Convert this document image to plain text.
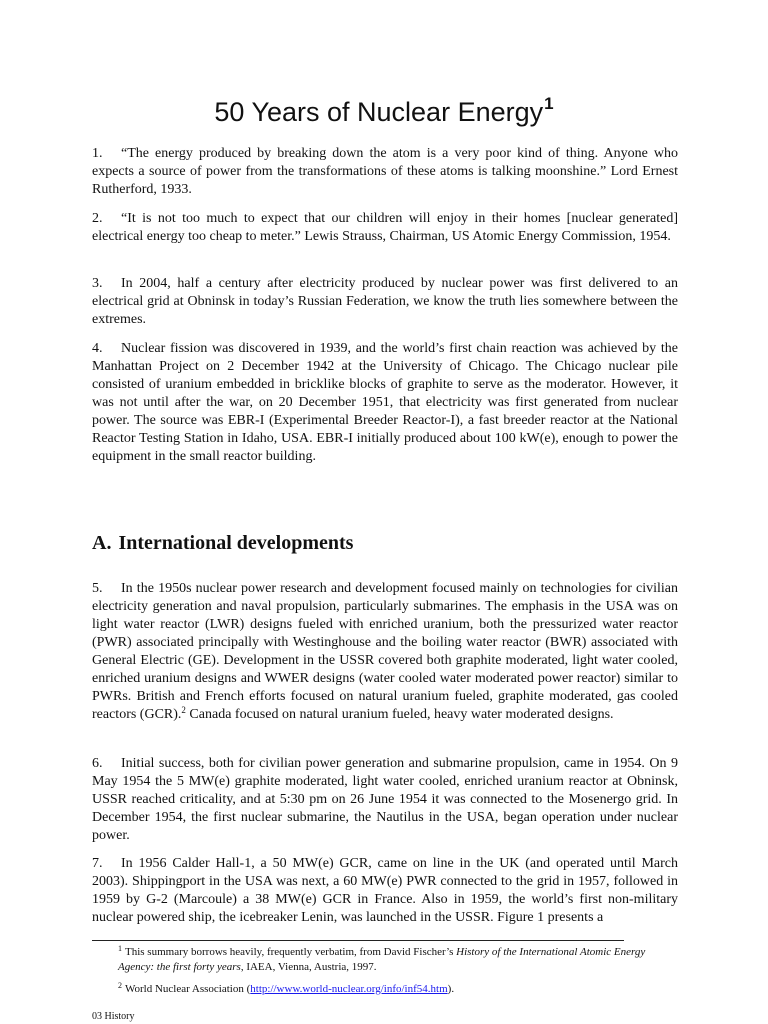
50 Years of Nuclear Energy$^1$

1. “The energy produced by breaking down the atom is a very poor kind of thing. Anyone who expects a source of power from the transformations of these atoms is talking moonshine.” Lord Ernest Rutherford, 1933.

2. “It is not too much to expect that our children will enjoy in their homes [nuclear generated] electrical energy too cheap to meter.” Lewis Strauss, Chairman, US Atomic Energy Commission, 1954.

3. In 2004, half a century after electricity produced by nuclear power was first delivered to an electrical grid at Obninsk in today’s Russian Federation, we know the truth lies somewhere between the extremes.

4. Nuclear fission was discovered in 1939, and the world’s first chain reaction was achieved by the Manhattan Project on 2 December 1942 at the University of Chicago. The Chicago nuclear pile consisted of uranium embedded in bricklike blocks of graphite to serve as the moderator. However, it was not until after the war, on 20 December 1951, that electricity was first generated from nuclear power. The source was EBR-I (Experimental Breeder Reactor-I), a fast breeder reactor at the National Reactor Testing Station in Idaho, USA. EBR-I initially produced about 100 kW(e), enough to power the equipment in the small reactor building.

A. International developments

5. In the 1950s nuclear power research and development focused mainly on technologies for civilian electricity generation and naval propulsion, particularly submarines. The emphasis in the USA was on light water reactor (LWR) designs fueled with enriched uranium, both the pressurized water reactor (PWR) associated principally with Westinghouse and the boiling water reactor (BWR) associated with General Electric (GE). Development in the USSR covered both graphite moderated, light water cooled, enriched uranium designs and WWER designs (water cooled water moderated power reactor) similar to PWRs. British and French efforts focused on natural uranium fueled, graphite moderated, gas cooled reactors (GCR).$^2$ Canada focused on natural uranium fueled, heavy water moderated designs.

6. Initial success, both for civilian power generation and submarine propulsion, came in 1954. On 9 May 1954 the 5 MW(e) graphite moderated, light water cooled, enriched uranium reactor at Obninsk, USSR reached criticality, and at 5:30 pm on 26 June 1954 it was connected to the Mosenergo grid. In December 1954, the first nuclear submarine, the Nautilus in the USA, began operation under nuclear power.

7. In 1956 Calder Hall-1, a 50 MW(e) GCR, came on line in the UK (and operated until March 2003). Shippingport in the USA was next, a 60 MW(e) PWR connected to the grid in 1957, followed in 1959 by G-2 (Marcoule) a 38 MW(e) GCR in France. Also in 1959, the world’s first non-military nuclear powered ship, the icebreaker Lenin, was launched in the USSR. Figure 1 presents a

$^1$ This summary borrows heavily, frequently verbatim, from David Fischer’s History of the International Atomic Energy Agency: the first forty years, IAEA, Vienna, Austria, 1997.

$^2$ World Nuclear Association (http://www.world-nuclear.org/info/inf54.htm).

03 History
